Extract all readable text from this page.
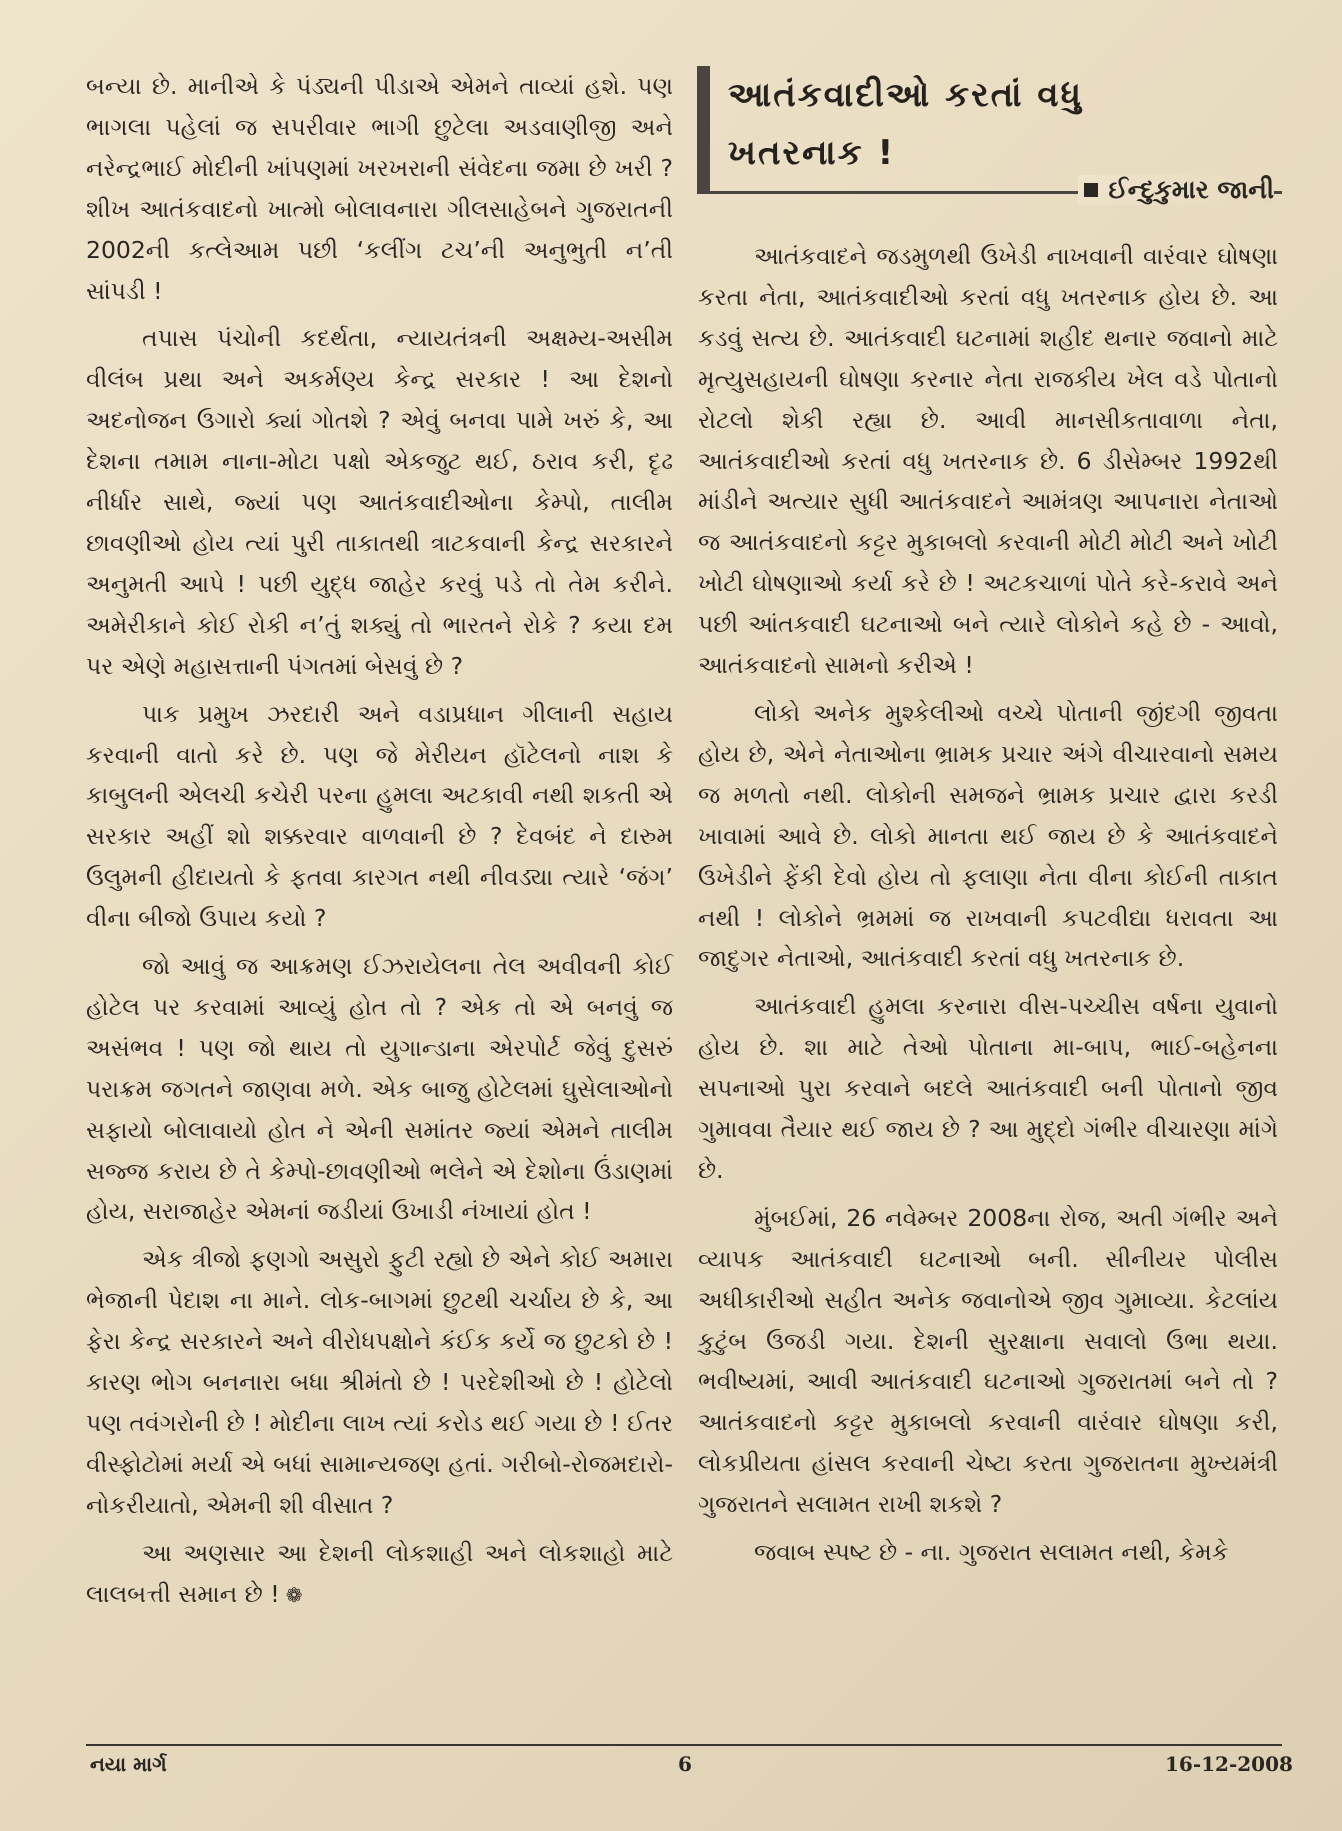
બન્યા છે. માનીએ કે પંડ્યની પીડાએ એમને તાવ્યાં હશે. પણ ભાગલા પહેલાં જ સપરીવાર ભાગી છુટેલા અડવાણીજી અને નરેન્દ્રભાઈ મોદીની ખાંપણમાં ખરખરાની સંવેદના જમા છે ખરી ? શીખ આતંકવાદનો ખાત્મો બોલાવનારા ગીલસાહેબને ગુજરાતની 2002ની કત્લેઆમ પછી ‘કલીંગ ટચ’ની અનુભુતી ન’તી સાંપડી !

તપાસ પંચોની કદર્થતા, ન્યાયતંત્રની અક્ષમ્ય-અસીમ વીલંબ પ્રથા અને અકર્મણ્ય કેન્દ્ર સરકાર ! આ દેશનો અદનોજન ઉગારો ક્યાં ગોતશે ? એવું બનવા પામે ખરું કે, આ દેશના તમામ નાના-મોટા પક્ષો એકજુટ થઈ, ઠરાવ કરી, દૃઢ નીર્ધાર સાથે, જ્યાં પણ આતંકવાદીઓના કેમ્પો, તાલીમ છાવણીઓ હોય ત્યાં પુરી તાકાતથી ત્રાટકવાની કેન્દ્ર સરકારને અનુમતી આપે ! પછી યુદ્ધ જાહેર કરવું પડે તો તેમ કરીને. અમેરીકાને કોઈ રોકી ન’તું શક્યું તો ભારતને રોકે ? કયા દમ પર એણે મહાસત્તાની પંગતમાં બેસવું છે ?

પાક પ્રમુખ ઝરદારી અને વડાપ્રધાન ગીલાની સહાય કરવાની વાતો કરે છે. પણ જે મેરીયન હૉટેલનો નાશ કે કાબુલની એલચી કચેરી પરના હુમલા અટકાવી નથી શકતી એ સરકાર અહીં શો શક્કરવાર વાળવાની છે ? દેવબંદ ને દારુમ ઉલુમની હીદાયતો કે ફતવા કારગત નથી નીવડ્યા ત્યારે ‘જંગ’ વીના બીજો ઉપાય કયો ?

જો આવું જ આક્રમણ ઈઝરાયેલના તેલ અવીવની કોઈ હોટેલ પર કરવામાં આવ્યું હોત તો ? એક તો એ બનવું જ અસંભવ ! પણ જો થાય તો યુગાન્ડાના એરપોર્ટ જેવું દુસરું પરાક્રમ જગતને જાણવા મળે. એક બાજુ હોટેલમાં ઘુસેલાઓનો સફાયો બોલાવાયો હોત ને એની સમાંતર જ્યાં એમને તાલીમ સજ્જ કરાય છે તે કેમ્પો-છાવણીઓ ભલેને એ દેશોના ઉંડાણમાં હોય, સરાજાહેર એમનાં જડીયાં ઉખાડી નંખાયાં હોત !

એક ત્રીજો ફણગો અસુરો ફુટી રહ્યો છે એને કોઈ અમારા ભેજાની પેદાશ ના માને. લોક-બાગમાં છુટથી ચર્ચાય છે કે, આ ફેરા કેન્દ્ર સરકારને અને વીરોધપક્ષોને કંઈક કર્યે જ છુટકો છે ! કારણ ભોગ બનનારા બધા શ્રીમંતો છે ! પરદેશીઓ છે ! હોટેલો પણ તવંગરોની છે ! મોદીના લાખ ત્યાં કરોડ થઈ ગયા છે ! ઈતર વીસ્ફોટોમાં મર્યા એ બધાં સામાન્યજણ હતાં. ગરીબો-રોજમદારો-નોકરીયાતો, એમની શી વીસાત ?

આ અણસાર આ દેશની લોકશાહી અને લોકશાહો માટે લાલબત્તી સમાન છે ! ❁

આતંકવાદીઓ કરતાં વધુ

ખતરનાક !

ઈન્દુકુમાર જાની

આતંકવાદને જડમુળથી ઉખેડી નાખવાની વારંવાર ઘોષણા કરતા નેતા, આતંકવાદીઓ કરતાં વધુ ખતરનાક હોય છે. આ કડવું સત્ય છે. આતંકવાદી ઘટનામાં શહીદ થનાર જવાનો માટે મૃત્યુસહાયની ઘોષણા કરનાર નેતા રાજકીય ખેલ વડે પોતાનો રોટલો શેકી રહ્યા છે. આવી માનસીકતાવાળા નેતા, આતંકવાદીઓ કરતાં વધુ ખતરનાક છે. 6 ડીસેમ્બર 1992થી માંડીને અત્યાર સુધી આતંકવાદને આમંત્રણ આપનારા નેતાઓ જ આતંકવાદનો કટ્ટર મુકાબલો કરવાની મોટી મોટી અને ખોટી ખોટી ઘોષણાઓ કર્યા કરે છે ! અટકચાળાં પોતે કરે-કરાવે અને પછી આંતકવાદી ઘટનાઓ બને ત્યારે લોકોને કહે છે - આવો, આતંકવાદનો સામનો કરીએ !

લોકો અનેક મુશ્કેલીઓ વચ્ચે પોતાની જીંદગી જીવતા હોય છે, એને નેતાઓના ભ્રામક પ્રચાર અંગે વીચારવાનો સમય જ મળતો નથી. લોકોની સમજને ભ્રામક પ્રચાર દ્વારા કરડી ખાવામાં આવે છે. લોકો માનતા થઈ જાય છે કે આતંકવાદને ઉખેડીને ફેંકી દેવો હોય તો ફલાણા નેતા વીના કોઈની તાકાત નથી ! લોકોને ભ્રમમાં જ રાખવાની કપટવીદ્યા ધરાવતા આ જાદુગર નેતાઓ, આતંકવાદી કરતાં વધુ ખતરનાક છે.

આતંકવાદી હુમલા કરનારા વીસ-પચ્ચીસ વર્ષના યુવાનો હોય છે. શા માટે તેઓ પોતાના મા-બાપ, ભાઈ-બહેનના સપનાઓ પુરા કરવાને બદલે આતંકવાદી બની પોતાનો જીવ ગુમાવવા તૈયાર થઈ જાય છે ? આ મુદ્દો ગંભીર વીચારણા માંગે છે.

મુંબઈમાં, 26 નવેમ્બર 2008ના રોજ, અતી ગંભીર અને વ્યાપક આતંકવાદી ઘટનાઓ બની. સીનીયર પોલીસ અધીકારીઓ સહીત અનેક જવાનોએ જીવ ગુમાવ્યા. કેટલાંય કુટુંબ ઉજડી ગયા. દેશની સુરક્ષાના સવાલો ઉભા થયા. ભવીષ્યમાં, આવી આતંકવાદી ઘટનાઓ ગુજરાતમાં બને તો ? આતંકવાદનો કટ્ટર મુકાબલો કરવાની વારંવાર ઘોષણા કરી, લોકપ્રીયતા હાંસલ કરવાની ચેષ્ટા કરતા ગુજરાતના મુખ્યમંત્રી ગુજરાતને સલામત રાખી શકશે ?

જવાબ સ્પષ્ટ છે - ના. ગુજરાત સલામત નથી, કેમકે

નયા માર્ગ	6	16-12-2008
